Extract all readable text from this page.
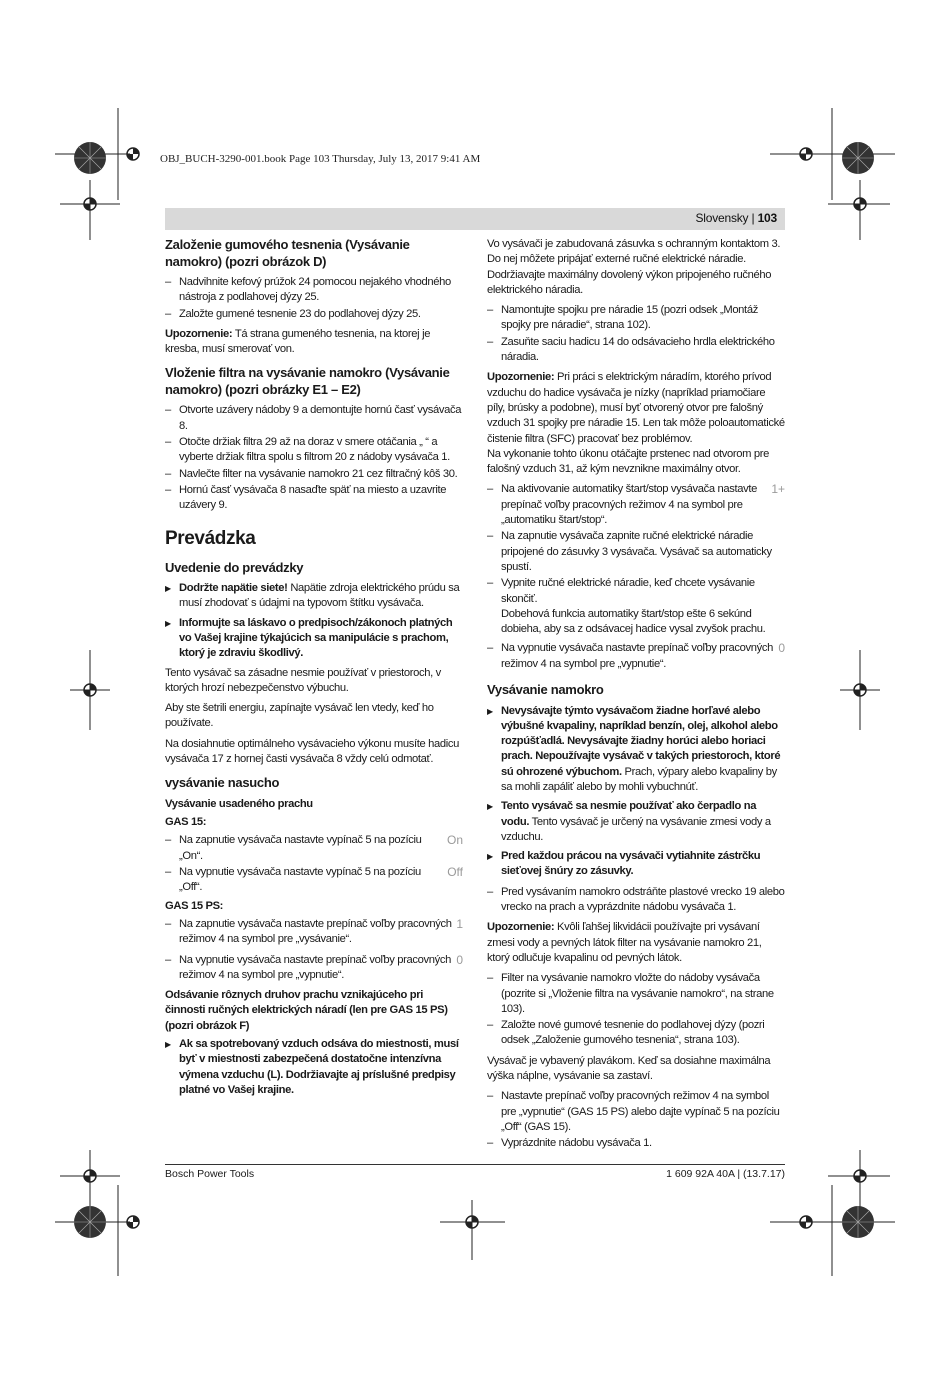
OBJ_BUCH-3290-001.book Page 103 Thursday, July 13, 2017 9:41 AM
Slovensky | 103
Založenie gumového tesnenia (Vysávanie namokro) (pozri obrázok D)
– Nadvihnite kefový prúžok 24 pomocou nejakého vhodného nástroja z podlahovej dýzy 25.
– Založte gumené tesnenie 23 do podlahovej dýzy 25.

Upozornenie: Tá strana gumeného tesnenia, na ktorej je kresba, musí smerovať von.

Vloženie filtra na vysávanie namokro (Vysávanie namokro) (pozri obrázky E1 – E2)
– Otvorte uzávery nádoby 9 a demontujte hornú časť vysávača 8.
– Otočte držiak filtra 29 až na doraz v smere otáčania „ “ a vyberte držiak filtra spolu s filtrom 20 z nádoby vysávača 1.
– Navlečte filter na vysávanie namokro 21 cez filtračný kôš 30.
– Hornú časť vysávača 8 nasaďte späť na miesto a uzavrite uzávery 9.
Prevádzka
Uvedenie do prevádzky
▶ Dodržte napätie siete! Napätie zdroja elektrického prúdu sa musí zhodovať s údajmi na typovom štítku vysávača.
▶ Informujte sa láskavo o predpisoch/zákonoch platných vo Vašej krajine týkajúcich sa manipulácie s prachom, ktorý je zdraviu škodlivý.

Tento vysávač sa zásadne nesmie používať v priestoroch, v ktorých hrozí nebezpečenstvo výbuchu.

Aby ste šetrili energiu, zapínajte vysávač len vtedy, keď ho používate.

Na dosiahnutie optimálneho vysávacieho výkonu musíte hadicu vysávača 17 z hornej časti vysávača 8 vždy celú odmotať.

vysávanie nasucho
Vysávanie usadeného prachu
GAS 15:
– On
Na zapnutie vysávača nastavte vypínač 5 na pozíciu „On“.
– Off
Na vypnutie vysávača nastavte vypínač 5 na pozíciu „Off“.
GAS 15 PS:
– 1
Na zapnutie vysávača nastavte prepínač voľby pracovných režimov 4 na symbol pre „vysávanie“.
– 0
Na vypnutie vysávača nastavte prepínač voľby pracovných režimov 4 na symbol pre „vypnutie“.
Odsávanie rôznych druhov prachu vznikajúceho pri činnosti ručných elektrických náradí (len pre GAS 15 PS) (pozri obrázok F)
▶ Ak sa spotrebovaný vzduch odsáva do miestnosti, musí byť v miestnosti zabezpečená dostatočne intenzívna výmena vzduchu (L). Dodržiavajte aj príslušné predpisy platné vo Vašej krajine.

Vo vysávači je zabudovaná zásuvka s ochranným kontaktom 3. Do nej môžete pripájať externé ručné elektrické náradie. Dodržiavajte maximálny dovolený výkon pripojeného ručného elektrického náradia.

– Namontujte spojku pre náradie 15 (pozri odsek „Montáž spojky pre náradie“, strana 102).
– Zasuňte saciu hadicu 14 do odsávacieho hrdla elektrického náradia.

Upozornenie: Pri práci s elektrickým náradím, ktorého prívod vzduchu do hadice vysávača je nízky (napríklad priamočiare píly, brúsky a podobne), musí byť otvorený otvor pre falošný vzduch 31 spojky pre náradie 15. Len tak môže poloautomatické čistenie filtra (SFC) pracovať bez problémov.

Na vykonanie tohto úkonu otáčajte prstenec nad otvorom pre falošný vzduch 31, až kým nevznikne maximálny otvor.

– 1+
Na aktivovanie automatiky štart/stop vysávača nastavte prepínač voľby pracovných režimov 4 na symbol pre „automatiku štart/stop“.
– Na zapnutie vysávača zapnite ručné elektrické náradie pripojené do zásuvky 3 vysávača. Vysávač sa automaticky spustí.
– Vypnite ručné elektrické náradie, keď chcete vysávanie skončiť.
Dobehová funkcia automatiky štart/stop ešte 6 sekúnd dobieha, aby sa z odsávacej hadice vysal zvyšok prachu.
– 0
Na vypnutie vysávača nastavte prepínač voľby pracovných režimov 4 na symbol pre „vypnutie“.
Vysávanie namokro
▶ Nevysávajte týmto vysávačom žiadne horľavé alebo výbušné kvapaliny, napríklad benzín, olej, alkohol alebo rozpúšťadlá. Nevysávajte žiadny horúci alebo horiaci prach. Nepoužívajte vysávač v takých priestoroch, ktoré sú ohrozené výbuchom. Prach, výpary alebo kvapaliny by sa mohli zapáliť alebo by mohli vybuchnúť.
▶ Tento vysávač sa nesmie používať ako čerpadlo na vodu. Tento vysávač je určený na vysávanie zmesi vody a vzduchu.
▶ Pred každou prácou na vysávači vytiahnite zástrčku sieťovej šnúry zo zásuvky.
– Pred vysávaním namokro odstráňte plastové vrecko 19 alebo vrecko na prach a vyprázdnite nádobu vysávača 1.

Upozornenie: Kvôli ľahšej likvidácii používajte pri vysávaní zmesi vody a pevných látok filter na vysávanie namokro 21, ktorý odlučuje kvapalinu od pevných látok.

– Filter na vysávanie namokro vložte do nádoby vysávača (pozrite si „Vloženie filtra na vysávanie namokro“, na strane 103).
– Založte nové gumové tesnenie do podlahovej dýzy (pozri odsek „Založenie gumového tesnenia“, strana 103).

Vysávač je vybavený plavákom. Keď sa dosiahne maximálna výška náplne, vysávanie sa zastaví.

– Nastavte prepínač voľby pracovných režimov 4 na symbol pre „vypnutie“ (GAS 15 PS) alebo dajte vypínač 5 na pozíciu „Off“ (GAS 15).
– Vyprázdnite nádobu vysávača 1.
Bosch Power Tools	1 609 92A 40A | (13.7.17)
